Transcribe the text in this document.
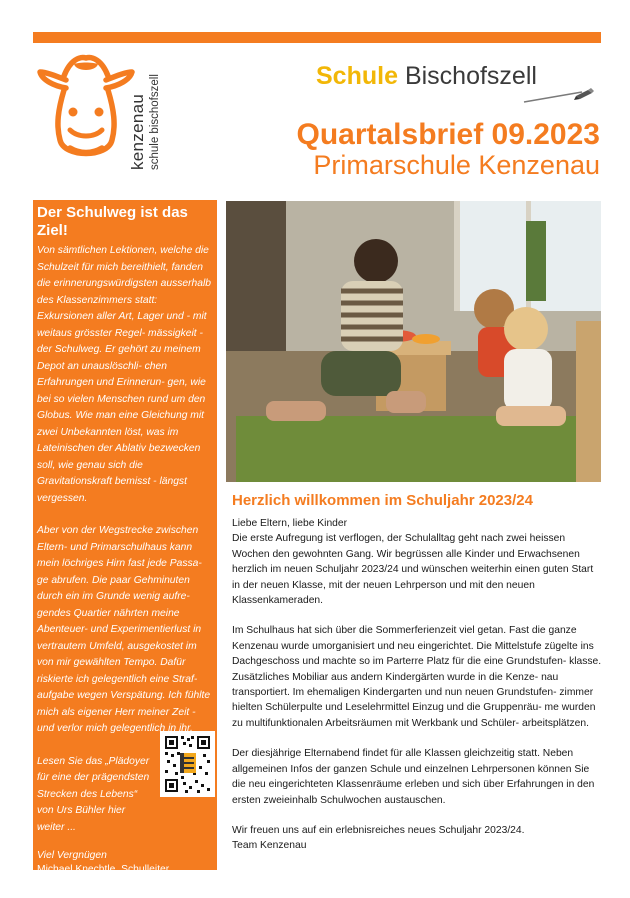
kenzenau schule bischofszell	Schule Bischofszell
Quartalsbrief 09.2023
Primarschule Kenzenau
Der Schulweg ist das Ziel!

Von sämtlichen Lektionen, welche die Schulzeit für mich bereithielt, fanden die erinnerungswürdigsten ausserhalb des Klassenzimmers statt: Exkursionen aller Art, Lager und - mit weitaus grösster Regel- mässigkeit - der Schulweg. Er gehört zu meinem Depot an unauslöschli- chen Erfahrungen und Erinnerun- gen, wie bei so vielen Menschen rund um den Globus. Wie man eine Gleichung mit zwei Unbekannten löst, was im Lateinischen der Ablativ bezwecken soll, wie genau sich die Gravitationskraft bemisst - längst vergessen.

Aber von der Wegstrecke zwischen Eltern- und Primarschulhaus kann mein löchriges Hirn fast jede Passa- ge abrufen. Die paar Gehminuten durch ein im Grunde wenig aufre- gendes Quartier nährten meine Abenteuer- und Experimentierlust in vertrautem Umfeld, ausgekostet im von mir gewählten Tempo. Dafür riskierte ich gelegentlich eine Straf- aufgabe wegen Verspätung. Ich fühlte mich als eigener Herr meiner Zeit - und verlor mich gelegentlich in ihr.

Lesen Sie das „Plädoyer für eine der prägendsten Strecken des Lebens“ von Urs Bühler hier weiter ...

Viel Vergnügen
Michael Knechtle, Schulleiter
Herzlich willkommen im Schuljahr 2023/24

Liebe Eltern, liebe Kinder

Die erste Aufregung ist verflogen, der Schulalltag geht nach zwei heissen Wochen den gewohnten Gang. Wir begrüssen alle Kinder und Erwachsenen herzlich im neuen Schuljahr 2023/24 und wünschen weiterhin einen guten Start in der neuen Klasse, mit der neuen Lehrperson und mit den neuen Klassenkameraden.

Im Schulhaus hat sich über die Sommerferienzeit viel getan. Fast die ganze Kenzenau wurde umorganisiert und neu eingerichtet. Die Mittelstufe zügelte ins Dachgeschoss und machte so im Parterre Platz für die eine Grundstufen- klasse. Zusätzliches Mobiliar aus andern Kindergärten wurde in die Kenze- nau transportiert. Im ehemaligen Kindergarten und nun neuen Grundstufen- zimmer hielten Schülerpulte und Leselehrmittel Einzug und die Gruppenräu- me wurden zu multifunktionalen Arbeitsräumen mit Werkbank und Schüler- arbeitsplätzen.

Der diesjährige Elternabend findet für alle Klassen gleichzeitig statt. Neben allgemeinen Infos der ganzen Schule und einzelnen Lehrpersonen können Sie die neu eingerichteten Klassenräume erleben und sich über Erfahrungen in den ersten zweieinhalb Schulwochen austauschen.

Wir freuen uns auf ein erlebnisreiches neues Schuljahr 2023/24.

Team Kenzenau
